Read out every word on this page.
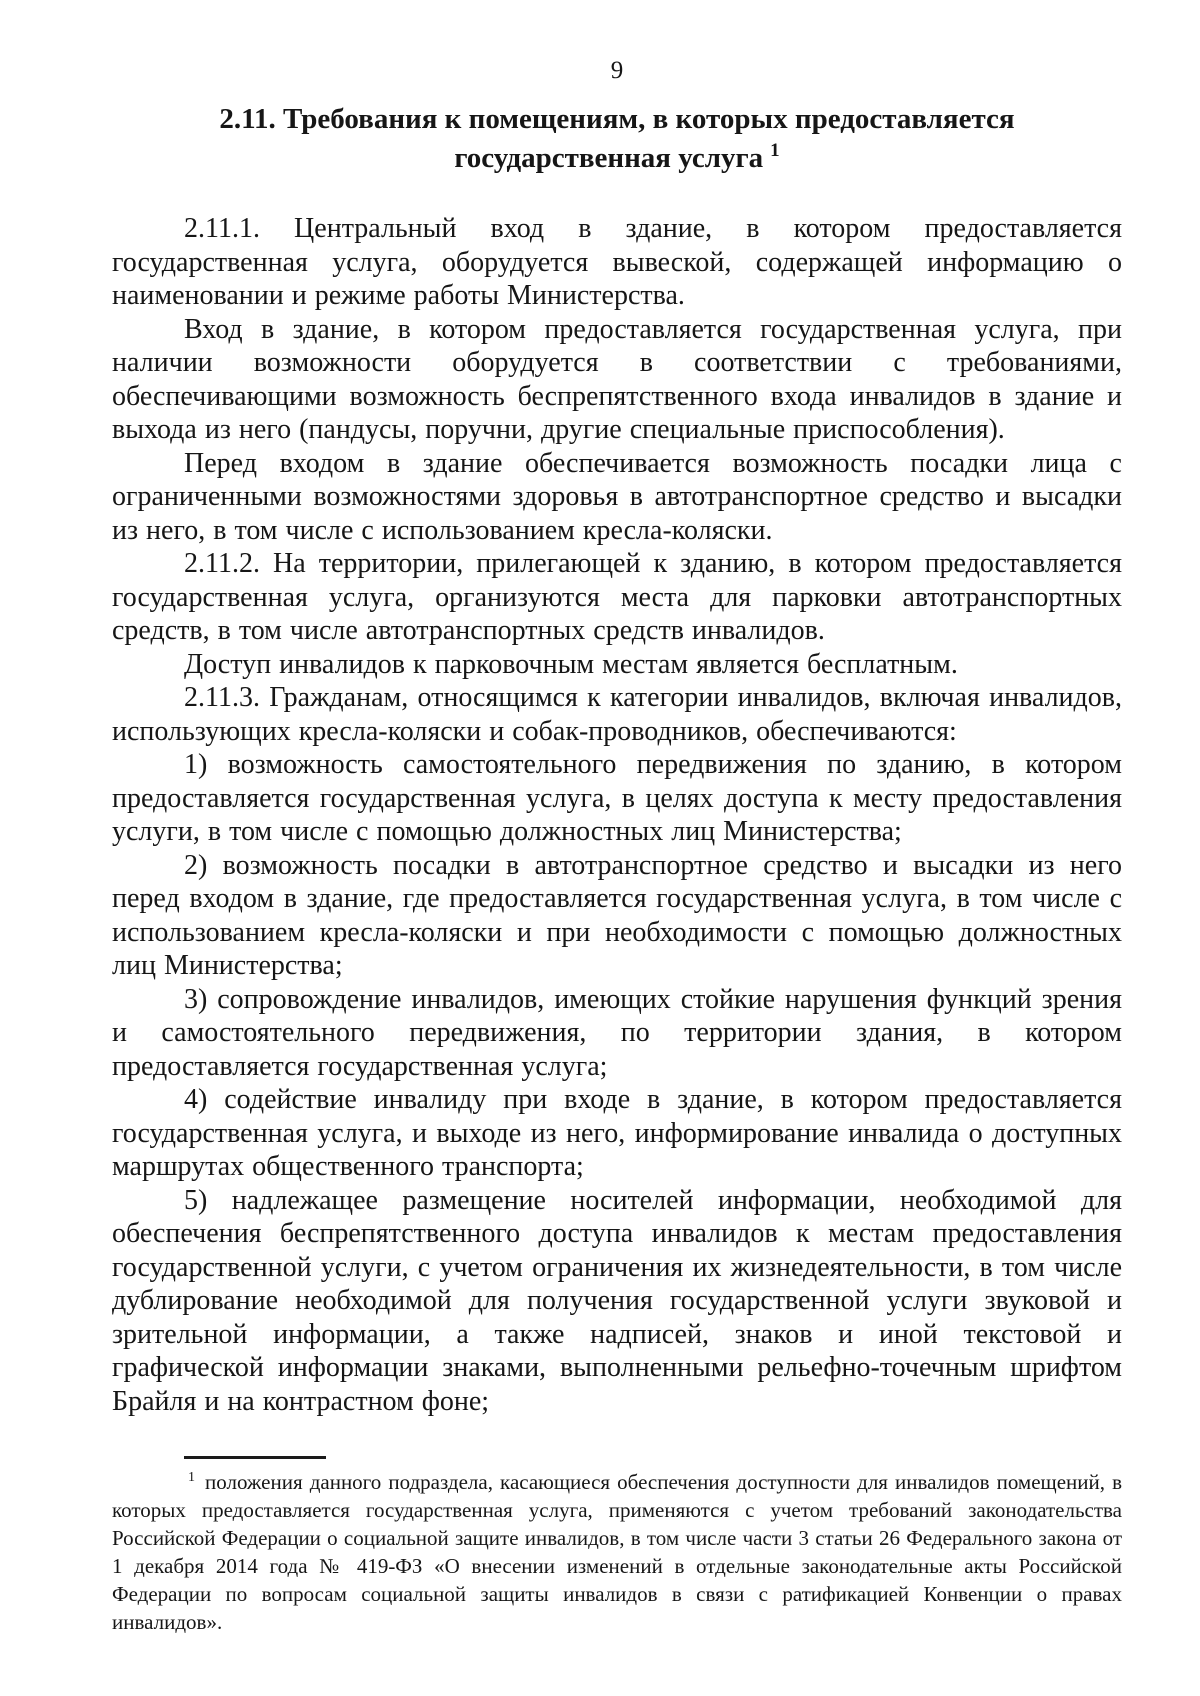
9
2.11. Требования к помещениям, в которых предоставляется
государственная услуга $^1$

2.11.1. Центральный вход в здание, в котором предоставляется государственная услуга, оборудуется вывеской, содержащей информацию о наименовании и режиме работы Министерства.

Вход в здание, в котором предоставляется государственная услуга, при наличии возможности оборудуется в соответствии с требованиями, обеспечивающими возможность беспрепятственного входа инвалидов в здание и выхода из него (пандусы, поручни, другие специальные приспособления).

Перед входом в здание обеспечивается возможность посадки лица с ограниченными возможностями здоровья в автотранспортное средство и высадки из него, в том числе с использованием кресла-коляски.

2.11.2. На территории, прилегающей к зданию, в котором предоставляется государственная услуга, организуются места для парковки автотранспортных средств, в том числе автотранспортных средств инвалидов.

Доступ инвалидов к парковочным местам является бесплатным.

2.11.3. Гражданам, относящимся к категории инвалидов, включая инвалидов, использующих кресла-коляски и собак-проводников, обеспечиваются:

1) возможность самостоятельного передвижения по зданию, в котором предоставляется государственная услуга, в целях доступа к месту предоставления услуги, в том числе с помощью должностных лиц Министерства;

2) возможность посадки в автотранспортное средство и высадки из него перед входом в здание, где предоставляется государственная услуга, в том числе с использованием кресла-коляски и при необходимости с помощью должностных лиц Министерства;

3) сопровождение инвалидов, имеющих стойкие нарушения функций зрения и самостоятельного передвижения, по территории здания, в котором предоставляется государственная услуга;

4) содействие инвалиду при входе в здание, в котором предоставляется государственная услуга, и выходе из него, информирование инвалида о доступных маршрутах общественного транспорта;

5) надлежащее размещение носителей информации, необходимой для обеспечения беспрепятственного доступа инвалидов к местам предоставления государственной услуги, с учетом ограничения их жизнедеятельности, в том числе дублирование необходимой для получения государственной услуги звуковой и зрительной информации, а также надписей, знаков и иной текстовой и графической информации знаками, выполненными рельефно-точечным шрифтом Брайля и на контрастном фоне;

$^1$ положения данного подраздела, касающиеся обеспечения доступности для инвалидов помещений, в которых предоставляется государственная услуга, применяются с учетом требований законодательства Российской Федерации о социальной защите инвалидов, в том числе части 3 статьи 26 Федерального закона от 1 декабря 2014 года № 419-ФЗ «О внесении изменений в отдельные законодательные акты Российской Федерации по вопросам социальной защиты инвалидов в связи с ратификацией Конвенции о правах инвалидов».
